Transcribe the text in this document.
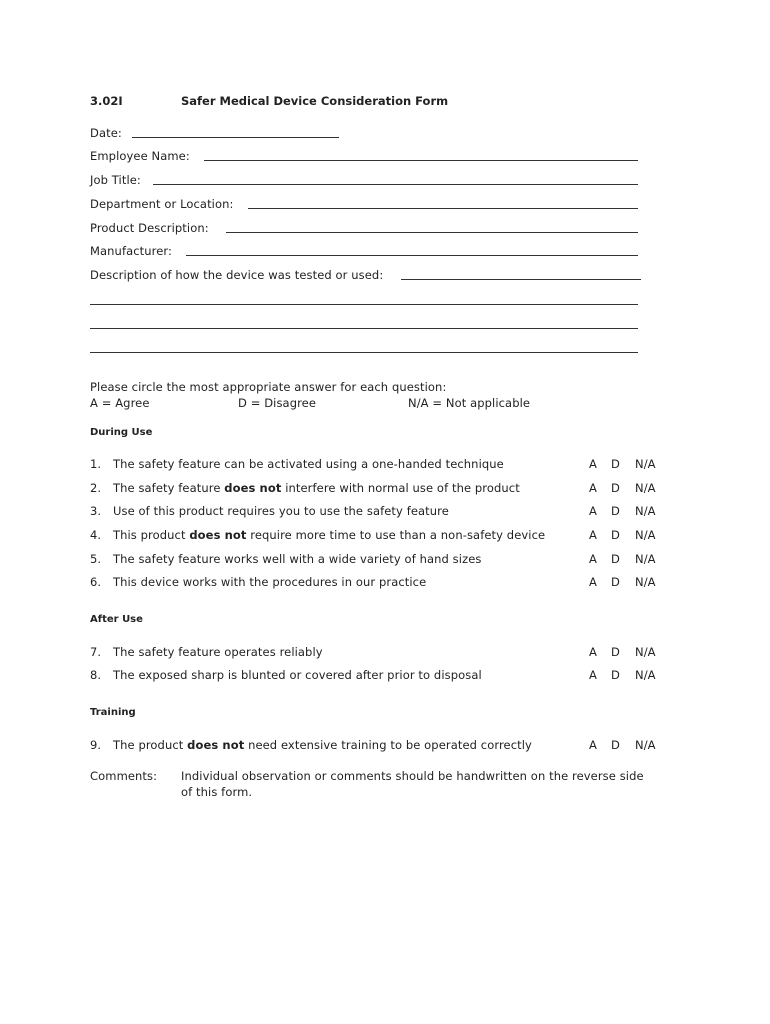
3.02I	Safer Medical Device Consideration Form
Date:
Employee Name:
Job Title:
Department or Location:
Product Description:
Manufacturer:
Description of how the device was tested or used:
Please circle the most appropriate answer for each question:
A = Agree	D = Disagree	N/A = Not applicable
During Use
1. The safety feature can be activated using a one-handed technique	A D N/A
2. The safety feature does not interfere with normal use of the product	A D N/A
3. Use of this product requires you to use the safety feature	A D N/A
4. This product does not require more time to use than a non-safety device	A D N/A
5. The safety feature works well with a wide variety of hand sizes	A D N/A
6. This device works with the procedures in our practice	A D N/A
After Use
7. The safety feature operates reliably	A D N/A
8. The exposed sharp is blunted or covered after prior to disposal	A D N/A
Training
9. The product does not need extensive training to be operated correctly	A D N/A
Comments: Individual observation or comments should be handwritten on the reverse side
of this form.
